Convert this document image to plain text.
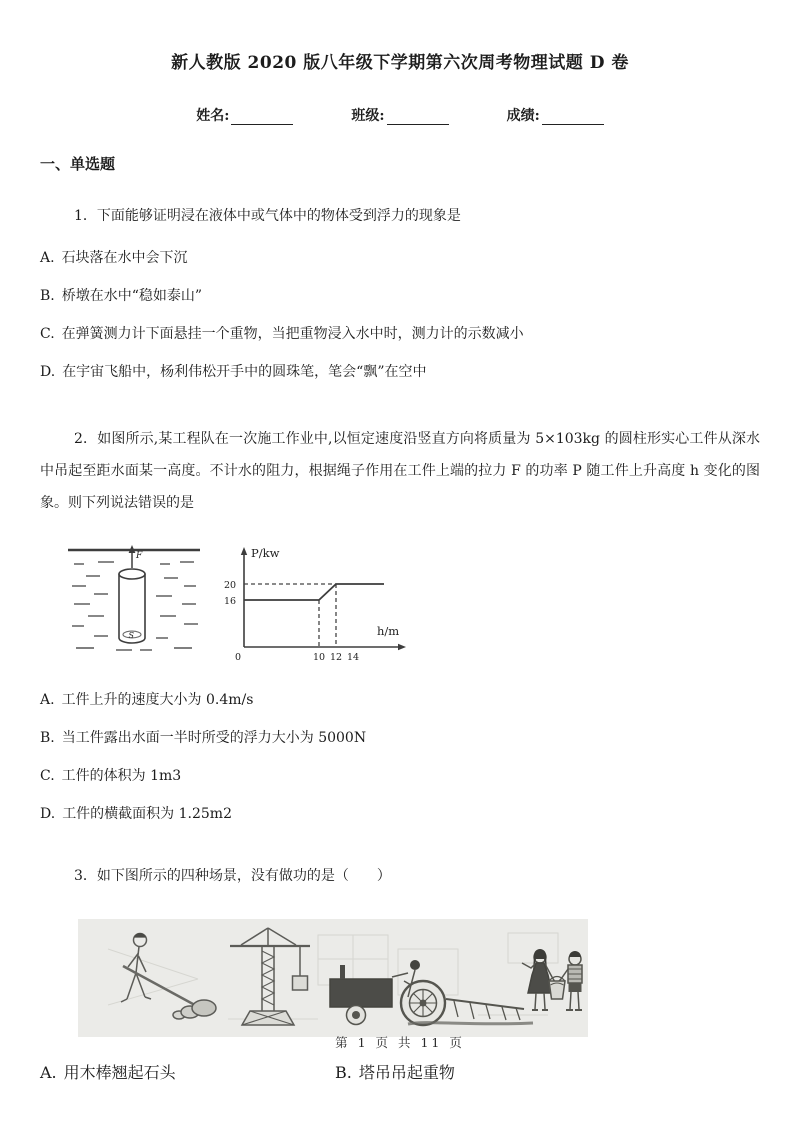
新人教版 2020 版八年级下学期第六次周考物理试题 D 卷
姓名:	班级:	成绩:
一、单选题

1．下面能够证明浸在液体中或气体中的物体受到浮力的现象是

A. 石块落在水中会下沉

B. 桥墩在水中“稳如泰山”

C. 在弹簧测力计下面悬挂一个重物，当把重物浸入水中时，测力计的示数减小

D. 在宇宙飞船中，杨利伟松开手中的圆珠笔，笔会“飘”在空中

2．如图所示,某工程队在一次施工作业中,以恒定速度沿竖直方向将质量为 5×103kg 的圆柱形实心工件从深水中吊起至距水面某一高度。不计水的阻力，根据绳子作用在工件上端的拉力 F 的功率 P 随工件上升高度 h 变化的图象。则下列说法错误的是

S
F	P/kw
h/m
20
16
0	10 12 14

A. 工件上升的速度大小为 0.4m/s

B. 当工件露出水面一半时所受的浮力大小为 5000N

C. 工件的体积为 1m3

D. 工件的横截面积为 1.25m2

3．如下图所示的四种场景，没有做功的是（　　）

A. 用木棒翘起石头	B. 塔吊吊起重物
第 1 页 共 11 页
